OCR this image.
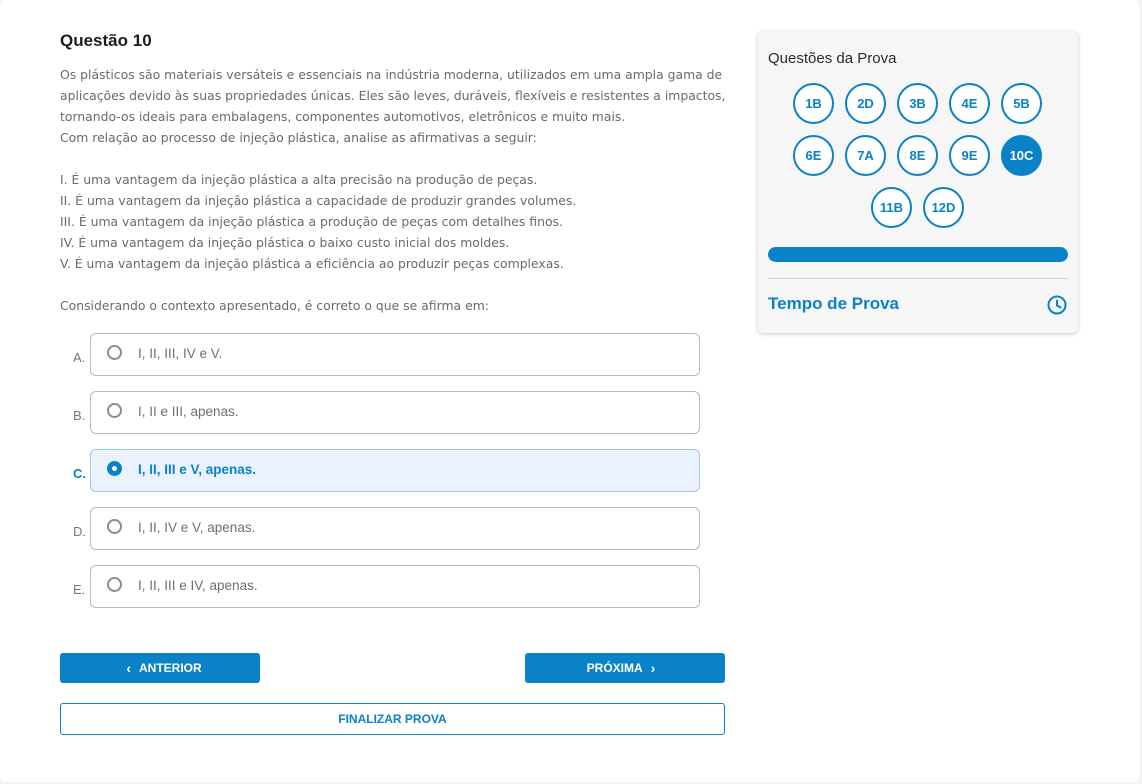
Questão 10

Os plásticos são materiais versáteis e essenciais na indústria moderna, utilizados em uma ampla gama de aplicações devido às suas propriedades únicas. Eles são leves, duráveis, flexíveis e resistentes a impactos, tornando-os ideais para embalagens, componentes automotivos, eletrônicos e muito mais.

Com relação ao processo de injeção plástica, analise as afirmativas a seguir:

I. É uma vantagem da injeção plástica a alta precisão na produção de peças.

II. É uma vantagem da injeção plástica a capacidade de produzir grandes volumes.

III. É uma vantagem da injeção plástica a produção de peças com detalhes finos.

IV. É uma vantagem da injeção plástica o baixo custo inicial dos moldes.

V. É uma vantagem da injeção plástica a eficiência ao produzir peças complexas.

Considerando o contexto apresentado, é correto o que se afirma em:

A.	I, II, III, IV e V.
B.	I, II e III, apenas.
C.	I, II, III e V, apenas.
D.	I, II, IV e V, apenas.
E.	I, II, III e IV, apenas.
‹ ANTERIOR	PRÓXIMA ›
FINALIZAR PROVA
Questões da Prova
1B	2D	3B	4E	5B
6E	7A	8E	9E 10C
11B 12D
Tempo de Prova
